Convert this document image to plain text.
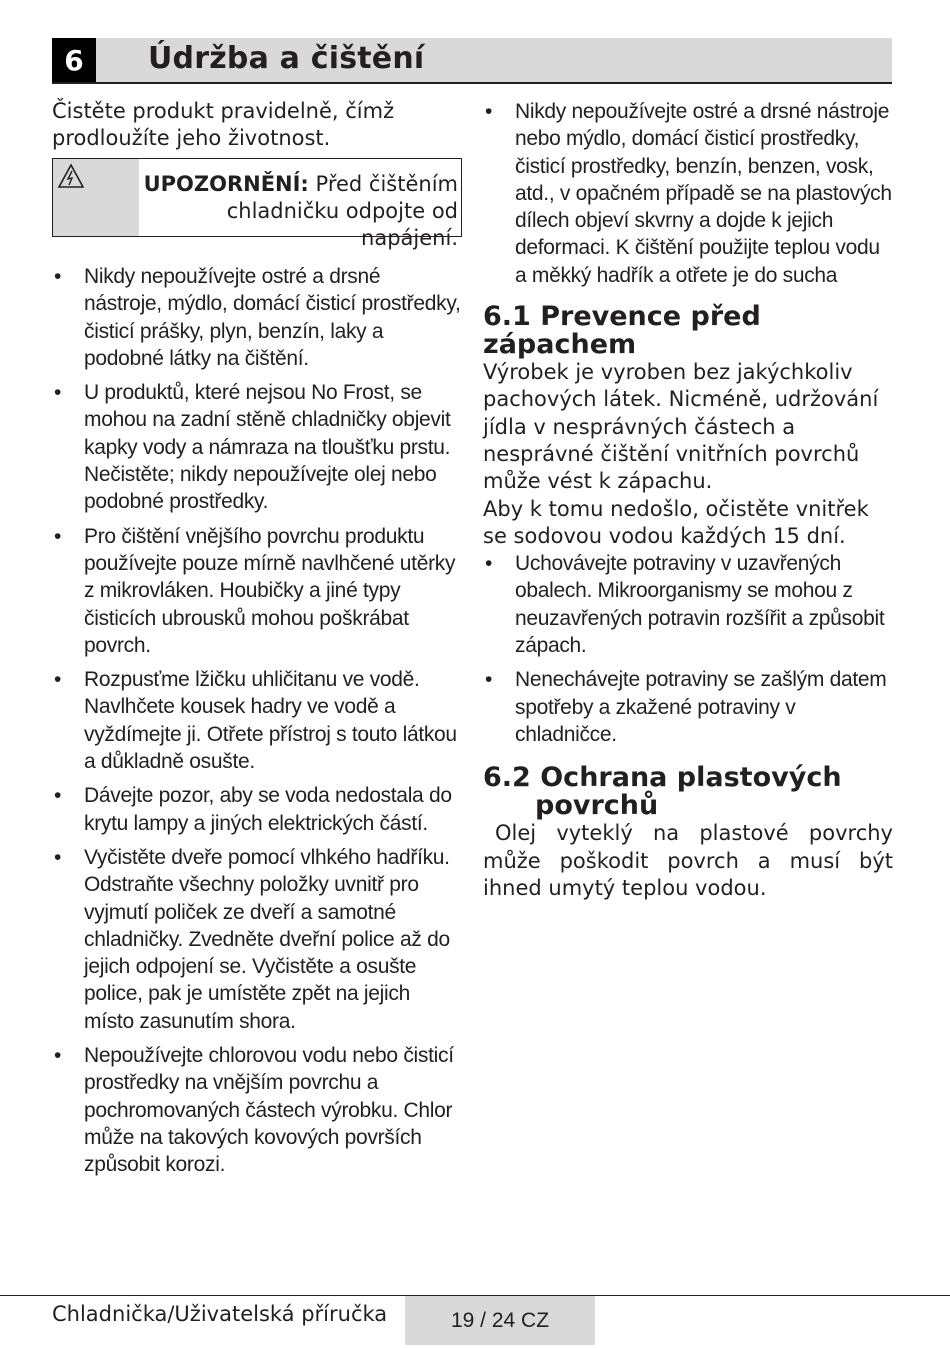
6	Údržba a čištění

Čistěte produkt pravidelně, čímž prodloužíte jeho životnost.

UPOZORNĚNÍ: Před čištěním
chladničku odpojte od napájení.
• Nikdy nepoužívejte ostré a drsné nástroje, mýdlo, domácí čisticí prostředky, čisticí prášky, plyn, benzín, laky a podobné látky na čištění.
• U produktů, které nejsou No Frost, se mohou na zadní stěně chladničky objevit kapky vody a námraza na tloušťku prstu. Nečistěte; nikdy nepoužívejte olej nebo podobné prostředky.
• Pro čištění vnějšího povrchu produktu používejte pouze mírně navlhčené utěrky z mikrovláken. Houbičky a jiné typy čisticích ubrousků mohou poškrábat povrch.
• Rozpusťme lžičku uhličitanu ve vodě. Navlhčete kousek hadry ve vodě a vyždímejte ji. Otřete přístroj s touto látkou a důkladně osušte.
• Dávejte pozor, aby se voda nedostala do krytu lampy a jiných elektrických částí.
• Vyčistěte dveře pomocí vlhkého hadříku. Odstraňte všechny položky uvnitř pro vyjmutí poliček ze dveří a samotné chladničky. Zvedněte dveřní police až do jejich odpojení se. Vyčistěte a osušte police, pak je umístěte zpět na jejich místo zasunutím shora.
• Nepoužívejte chlorovou vodu nebo čisticí prostředky na vnějším povrchu a pochromovaných částech výrobku. Chlor může na takových kovových površích způsobit korozi.
• Nikdy nepoužívejte ostré a drsné nástroje nebo mýdlo, domácí čisticí prostředky, čisticí prostředky, benzín, benzen, vosk, atd., v opačném případě se na plastových dílech objeví skvrny a dojde k jejich deformaci. K čištění použijte teplou vodu a měkký hadřík a otřete je do sucha
6.1 Prevence před zápachem

Výrobek je vyroben bez jakýchkoliv pachových látek. Nicméně, udržování jídla v nesprávných částech a nesprávné čištění vnitřních povrchů může vést k zápachu.

Aby k tomu nedošlo, očistěte vnitřek se sodovou vodou každých 15 dní.

• Uchovávejte potraviny v uzavřených obalech. Mikroorganismy se mohou z neuzavřených potravin rozšířit a způsobit zápach.
• Nenechávejte potraviny se zašlým datem spotřeby a zkažené potraviny v chladničce.
6.2 Ochrana plastových
povrchů

Olej vyteklý na plastové povrchy může poškodit povrch a musí být ihned umytý teplou vodou.

Chladnička/Uživatelská příručka	19 / 24 CZ
